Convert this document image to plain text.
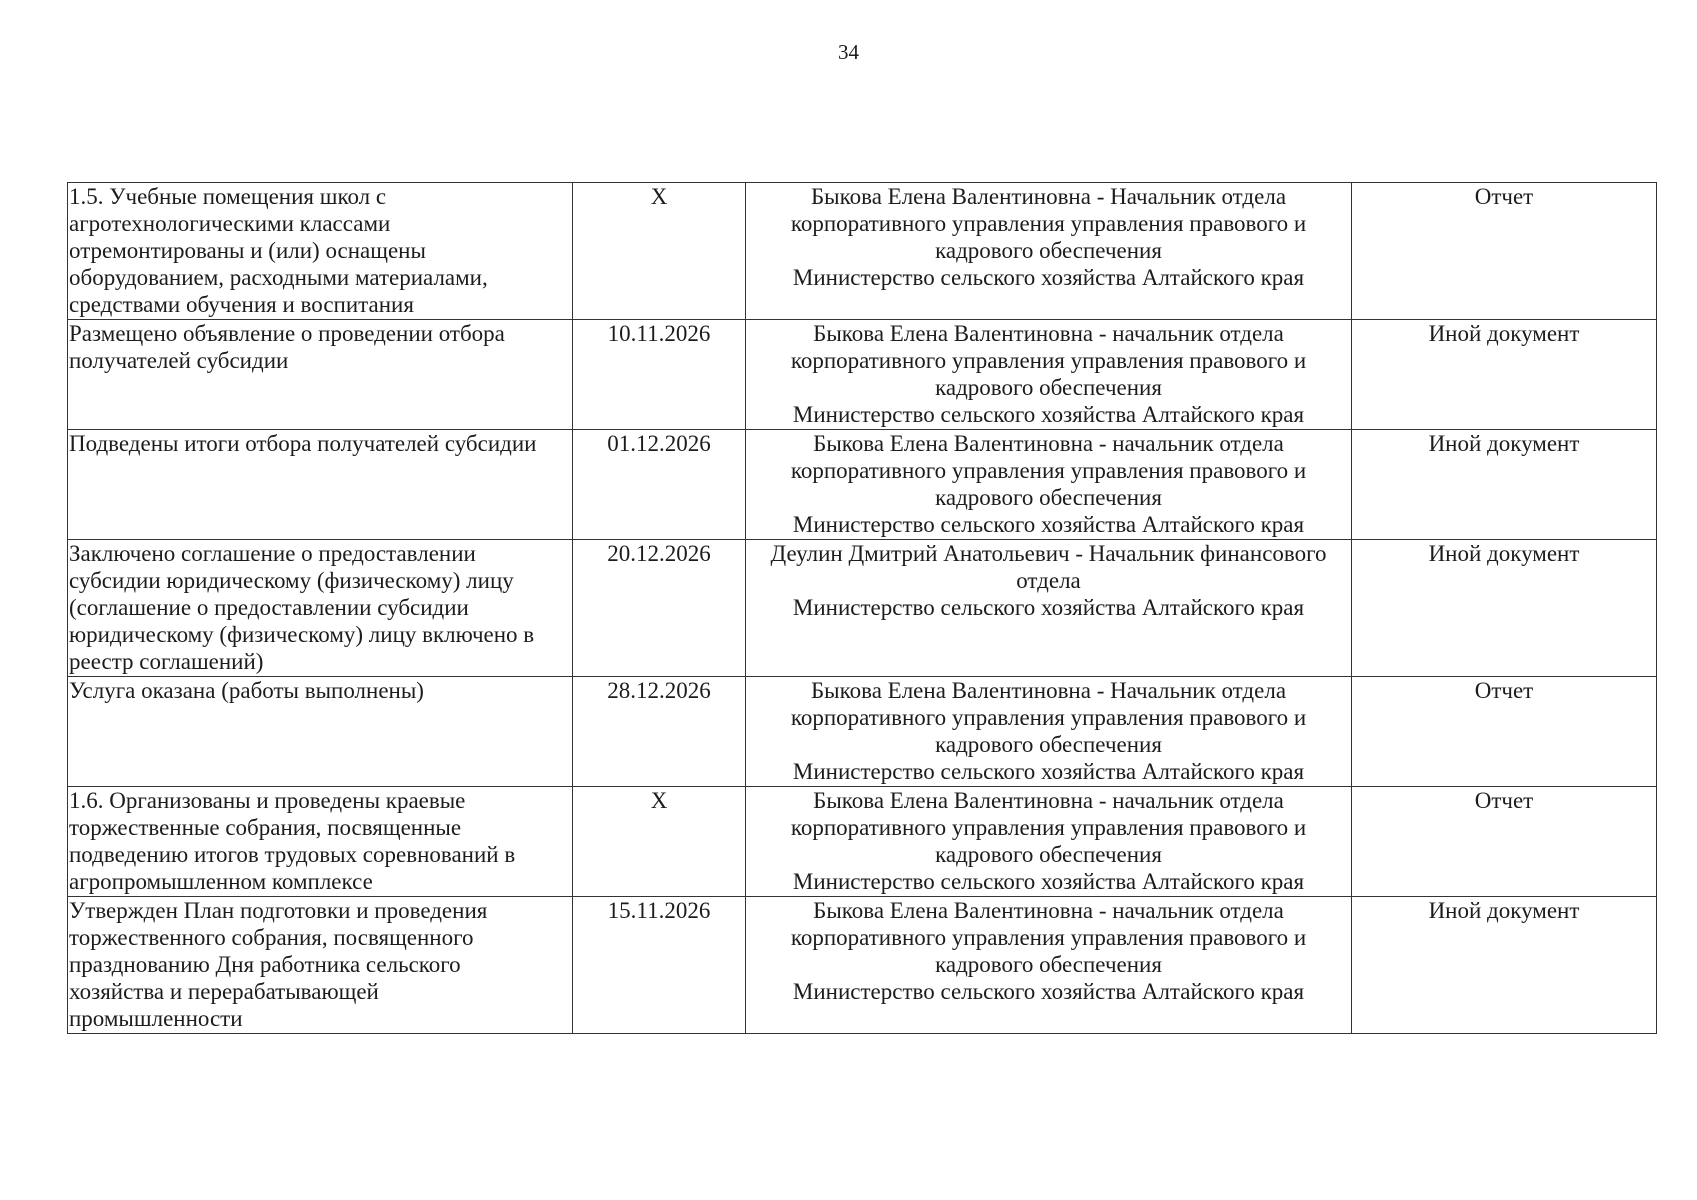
34
1.5. Учебные помещения школ с
агротехнологическими классами
отремонтированы и (или) оснащены
оборудованием, расходными материалами,
средствами обучения и воспитания	X	Быкова Елена Валентиновна - Начальник отдела
корпоративного управления управления правового и
кадрового обеспечения
Министерство сельского хозяйства Алтайского края	Отчет

Размещено объявление о проведении отбора
получателей субсидии	10.11.2026	Быкова Елена Валентиновна - начальник отдела
корпоративного управления управления правового и
кадрового обеспечения
Министерство сельского хозяйства Алтайского края	Иной документ

Подведены итоги отбора получателей субсидии	01.12.2026	Быкова Елена Валентиновна - начальник отдела
корпоративного управления управления правового и
кадрового обеспечения
Министерство сельского хозяйства Алтайского края	Иной документ

Заключено соглашение о предоставлении
субсидии юридическому (физическому) лицу
(соглашение о предоставлении субсидии
юридическому (физическому) лицу включено в
реестр соглашений)	20.12.2026	Деулин Дмитрий Анатольевич - Начальник финансового
отдела
Министерство сельского хозяйства Алтайского края	Иной документ

Услуга оказана (работы выполнены)	28.12.2026	Быкова Елена Валентиновна - Начальник отдела
корпоративного управления управления правового и
кадрового обеспечения
Министерство сельского хозяйства Алтайского края	Отчет

1.6. Организованы и проведены краевые
торжественные собрания, посвященные
подведению итогов трудовых соревнований в
агропромышленном комплексе	X	Быкова Елена Валентиновна - начальник отдела
корпоративного управления управления правового и
кадрового обеспечения
Министерство сельского хозяйства Алтайского края	Отчет

Утвержден План подготовки и проведения
торжественного собрания, посвященного
празднованию Дня работника сельского
хозяйства и перерабатывающей
промышленности	15.11.2026	Быкова Елена Валентиновна - начальник отдела
корпоративного управления управления правового и
кадрового обеспечения
Министерство сельского хозяйства Алтайского края	Иной документ
